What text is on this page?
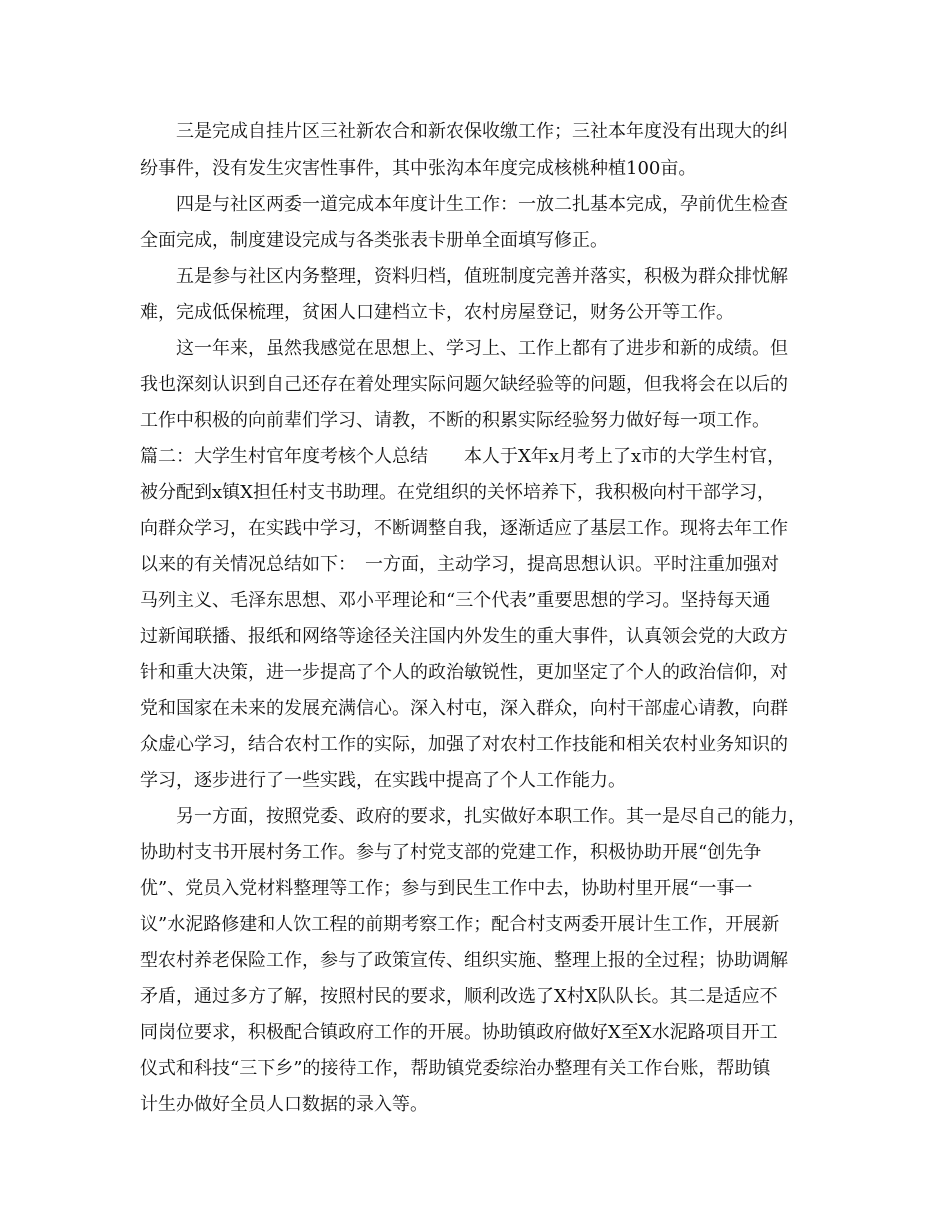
三是完成自挂片区三社新农合和新农保收缴工作；三社本年度没有出现大的纠

纷事件，没有发生灾害性事件，其中张沟本年度完成核桃种植100亩。

四是与社区两委一道完成本年度计生工作：一放二扎基本完成，孕前优生检查

全面完成，制度建设完成与各类张表卡册单全面填写修正。

五是参与社区内务整理，资料归档，值班制度完善并落实，积极为群众排忧解

难，完成低保梳理，贫困人口建档立卡，农村房屋登记，财务公开等工作。

这一年来，虽然我感觉在思想上、学习上、工作上都有了进步和新的成绩。但

我也深刻认识到自己还存在着处理实际问题欠缺经验等的问题，但我将会在以后的

工作中积极的向前辈们学习、请教，不断的积累实际经验努力做好每一项工作。

篇二：大学生村官年度考核个人总结　　本人于X年x月考上了x市的大学生村官，

被分配到x镇X担任村支书助理。在党组织的关怀培养下，我积极向村干部学习，

向群众学习，在实践中学习，不断调整自我，逐渐适应了基层工作。现将去年工作

以来的有关情况总结如下：　一方面，主动学习，提高思想认识。平时注重加强对

马列主义、毛泽东思想、邓小平理论和“三个代表”重要思想的学习。坚持每天通

过新闻联播、报纸和网络等途径关注国内外发生的重大事件，认真领会党的大政方

针和重大决策，进一步提高了个人的政治敏锐性，更加坚定了个人的政治信仰，对

党和国家在未来的发展充满信心。深入村屯，深入群众，向村干部虚心请教，向群

众虚心学习，结合农村工作的实际，加强了对农村工作技能和相关农村业务知识的

学习，逐步进行了一些实践，在实践中提高了个人工作能力。

另一方面，按照党委、政府的要求，扎实做好本职工作。其一是尽自己的能力，

协助村支书开展村务工作。参与了村党支部的党建工作，积极协助开展“创先争

优”、党员入党材料整理等工作；参与到民生工作中去，协助村里开展“一事一

议”水泥路修建和人饮工程的前期考察工作；配合村支两委开展计生工作，开展新

型农村养老保险工作，参与了政策宣传、组织实施、整理上报的全过程；协助调解

矛盾，通过多方了解，按照村民的要求，顺利改选了X村X队队长。其二是适应不

同岗位要求，积极配合镇政府工作的开展。协助镇政府做好X至X水泥路项目开工

仪式和科技“三下乡”的接待工作，帮助镇党委综治办整理有关工作台账，帮助镇

计生办做好全员人口数据的录入等。
